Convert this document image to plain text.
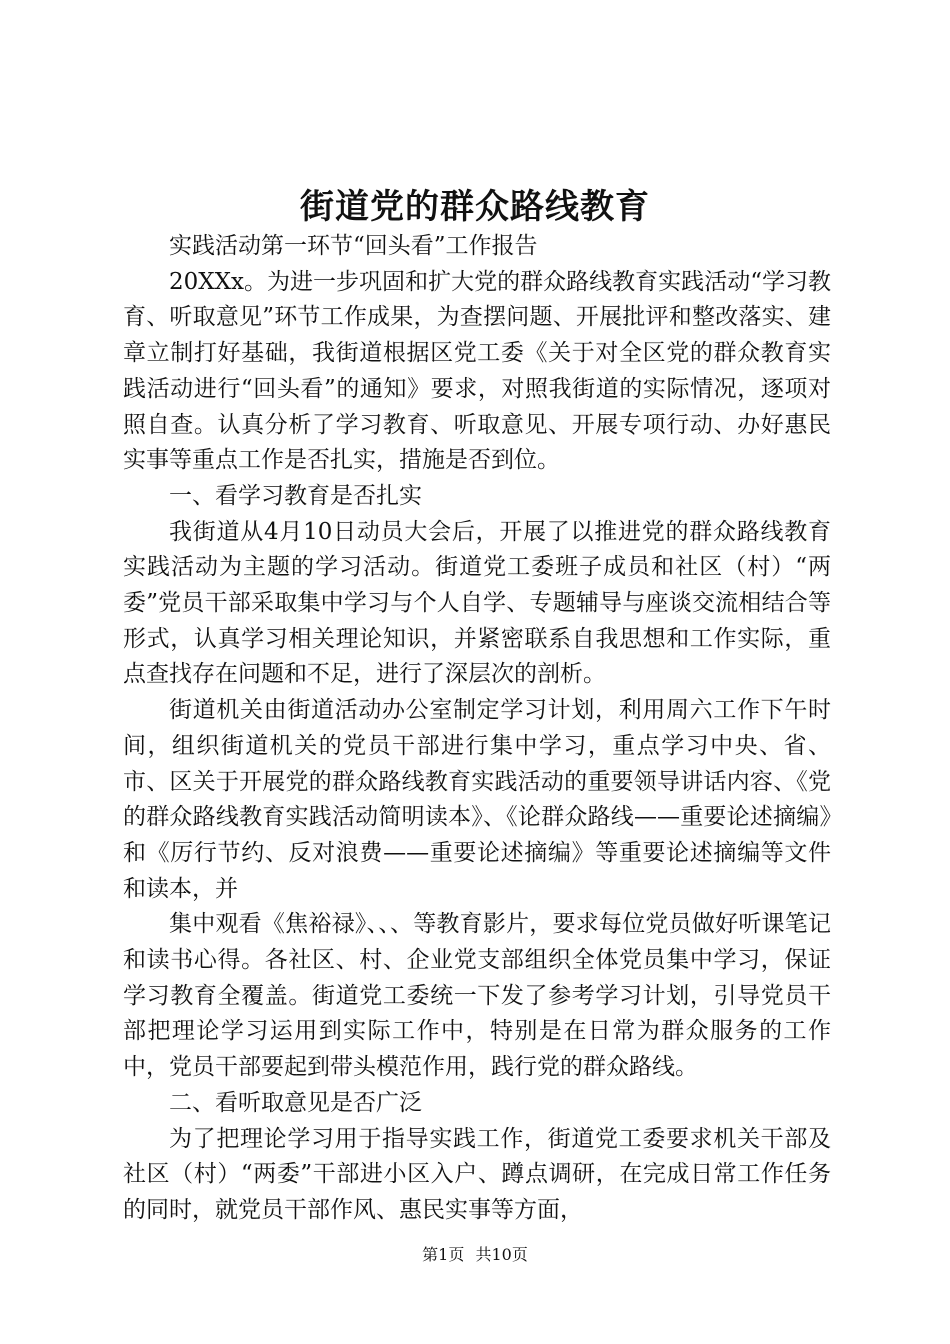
街道党的群众路线教育

实践活动第一环节“回头看”工作报告

20XXx。为进一步巩固和扩大党的群众路线教育实践活动“学习教育、听取意见”环节工作成果，为查摆问题、开展批评和整改落实、建章立制打好基础，我街道根据区党工委《关于对全区党的群众教育实践活动进行“回头看”的通知》要求，对照我街道的实际情况，逐项对照自查。认真分析了学习教育、听取意见、开展专项行动、办好惠民实事等重点工作是否扎实，措施是否到位。

一、看学习教育是否扎实

我街道从4月10日动员大会后，开展了以推进党的群众路线教育实践活动为主题的学习活动。街道党工委班子成员和社区（村）“两委”党员干部采取集中学习与个人自学、专题辅导与座谈交流相结合等形式，认真学习相关理论知识，并紧密联系自我思想和工作实际，重点查找存在问题和不足，进行了深层次的剖析。

街道机关由街道活动办公室制定学习计划，利用周六工作下午时间，组织街道机关的党员干部进行集中学习，重点学习中央、省、市、区关于开展党的群众路线教育实践活动的重要领导讲话内容、《党的群众路线教育实践活动简明读本》、《论群众路线——重要论述摘编》和《厉行节约、反对浪费——重要论述摘编》等重要论述摘编等文件和读本，并

集中观看《焦裕禄》、、、等教育影片，要求每位党员做好听课笔记和读书心得。各社区、村、企业党支部组织全体党员集中学习，保证学习教育全覆盖。街道党工委统一下发了参考学习计划，引导党员干部把理论学习运用到实际工作中，特别是在日常为群众服务的工作中，党员干部要起到带头模范作用，践行党的群众路线。

二、看听取意见是否广泛

为了把理论学习用于指导实践工作，街道党工委要求机关干部及社区（村）“两委”干部进小区入户、蹲点调研，在完成日常工作任务的同时，就党员干部作风、惠民实事等方面，

第1页 共10页
